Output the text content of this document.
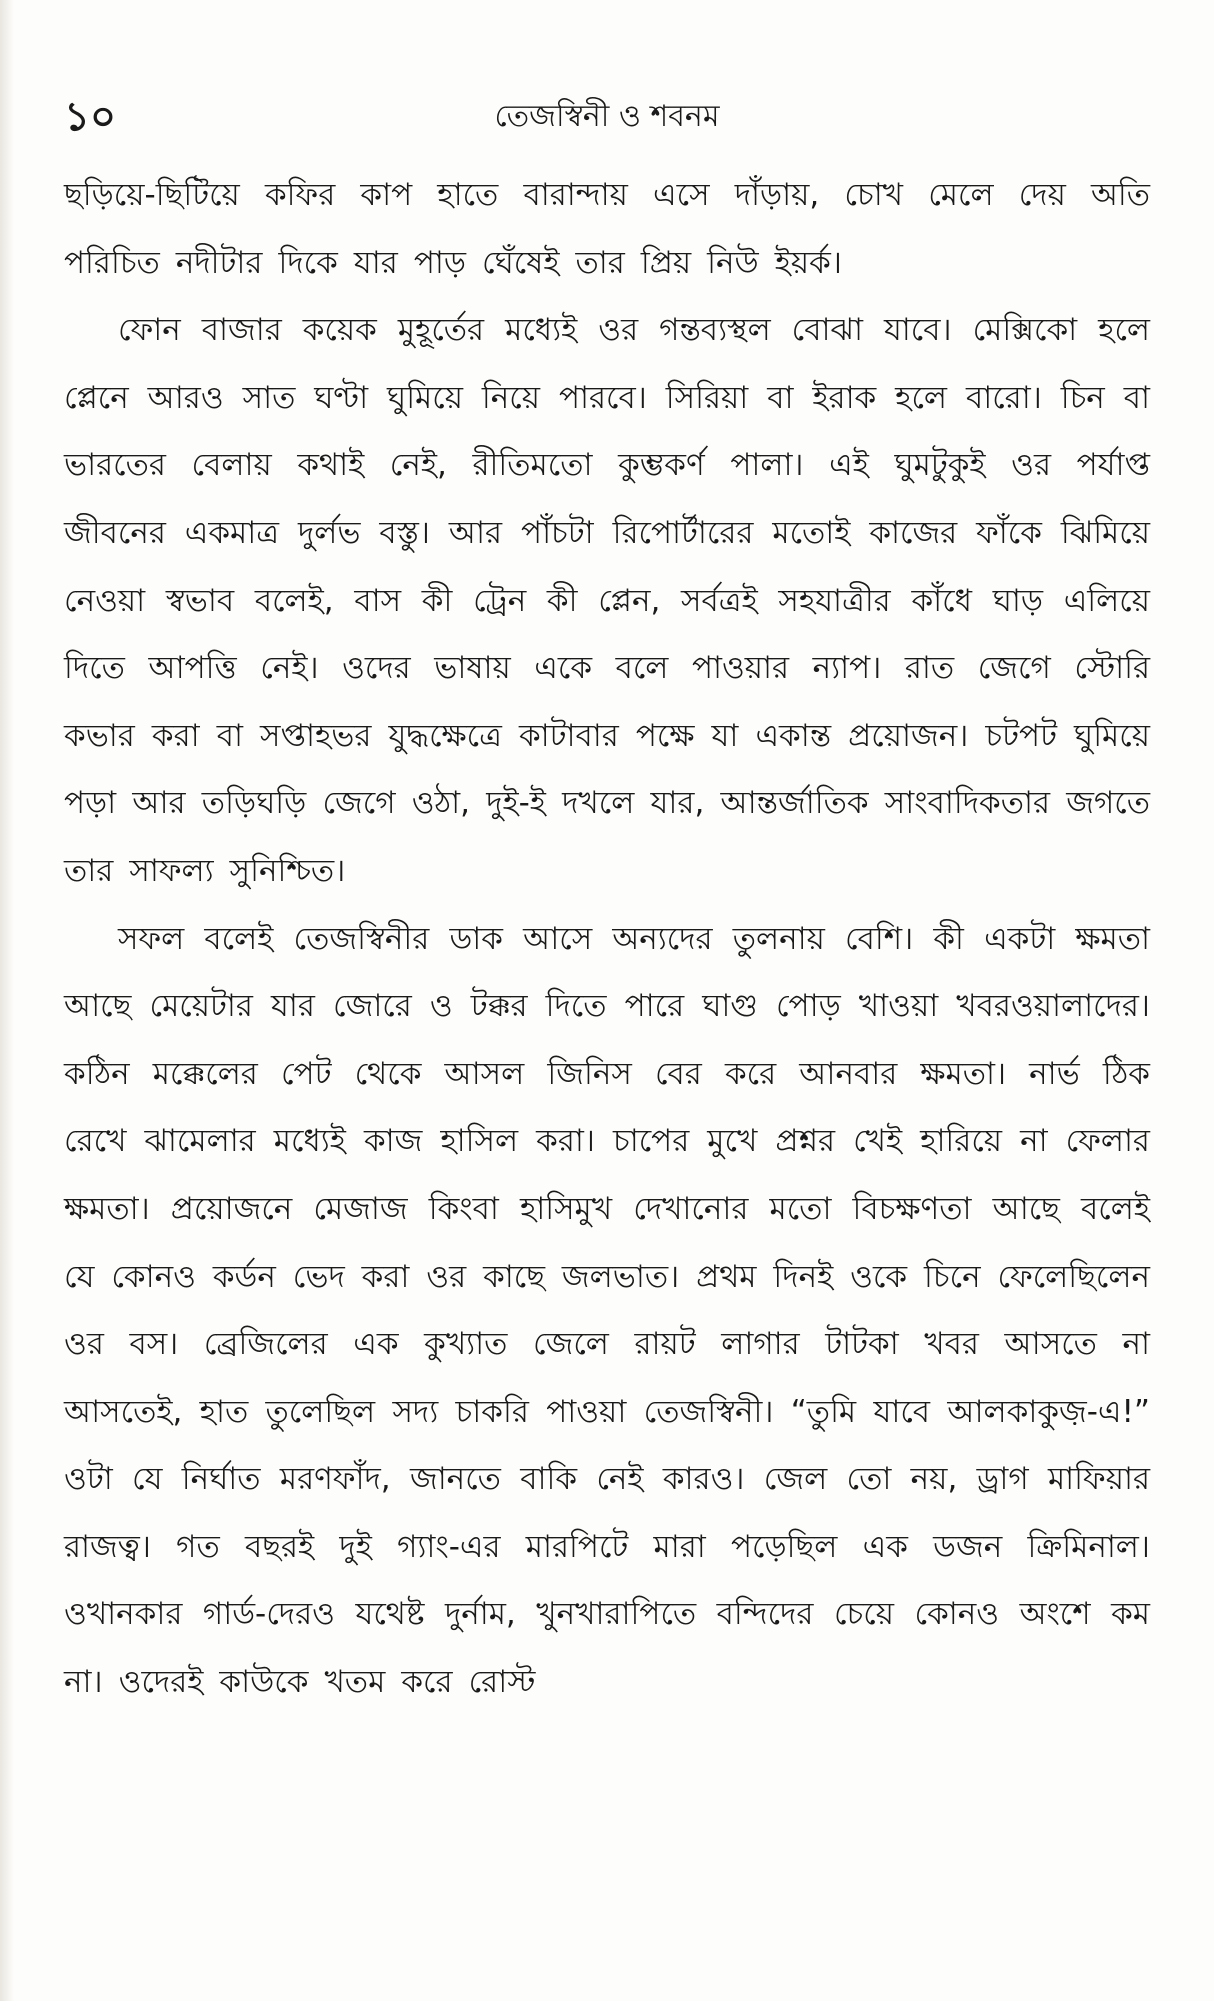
১০	তেজস্বিনী ও শবনম

ছড়িয়ে-ছিটিয়ে কফির কাপ হাতে বারান্দায় এসে দাঁড়ায়, চোখ মেলে দেয় অতি পরিচিত নদীটার দিকে যার পাড় ঘেঁষেই তার প্রিয় নিউ ইয়র্ক।

ফোন বাজার কয়েক মুহূর্তের মধ্যেই ওর গন্তব্যস্থল বোঝা যাবে। মেক্সিকো হলে প্লেনে আরও সাত ঘণ্টা ঘুমিয়ে নিয়ে পারবে। সিরিয়া বা ইরাক হলে বারো। চিন বা ভারতের বেলায় কথাই নেই, রীতিমতো কুম্ভকর্ণ পালা। এই ঘুমটুকুই ওর পর্যাপ্ত জীবনের একমাত্র দুর্লভ বস্তু। আর পাঁচটা রিপোর্টারের মতোই কাজের ফাঁকে ঝিমিয়ে নেওয়া স্বভাব বলেই, বাস কী ট্রেন কী প্লেন, সর্বত্রই সহযাত্রীর কাঁধে ঘাড় এলিয়ে দিতে আপত্তি নেই। ওদের ভাষায় একে বলে পাওয়ার ন্যাপ। রাত জেগে স্টোরি কভার করা বা সপ্তাহভর যুদ্ধক্ষেত্রে কাটাবার পক্ষে যা একান্ত প্রয়োজন। চটপট ঘুমিয়ে পড়া আর তড়িঘড়ি জেগে ওঠা, দুই-ই দখলে যার, আন্তর্জাতিক সাংবাদিকতার জগতে তার সাফল্য সুনিশ্চিত।

সফল বলেই তেজস্বিনীর ডাক আসে অন্যদের তুলনায় বেশি। কী একটা ক্ষমতা আছে মেয়েটার যার জোরে ও টক্কর দিতে পারে ঘাগু পোড় খাওয়া খবরওয়ালাদের। কঠিন মক্কেলের পেট থেকে আসল জিনিস বের করে আনবার ক্ষমতা। নার্ভ ঠিক রেখে ঝামেলার মধ্যেই কাজ হাসিল করা। চাপের মুখে প্রশ্নর খেই হারিয়ে না ফেলার ক্ষমতা। প্রয়োজনে মেজাজ কিংবা হাসিমুখ দেখানোর মতো বিচক্ষণতা আছে বলেই যে কোনও কর্ডন ভেদ করা ওর কাছে জলভাত। প্রথম দিনই ওকে চিনে ফেলেছিলেন ওর বস। ব্রেজিলের এক কুখ্যাত জেলে রায়ট লাগার টাটকা খবর আসতে না আসতেই, হাত তুলেছিল সদ্য চাকরি পাওয়া তেজস্বিনী। “তুমি যাবে আলকাকুজ়-এ!” ওটা যে নির্ঘাত মরণফাঁদ, জানতে বাকি নেই কারও। জেল তো নয়, ড্রাগ মাফিয়ার রাজত্ব। গত বছরই দুই গ্যাং-এর মারপিটে মারা পড়েছিল এক ডজন ক্রিমিনাল। ওখানকার গার্ড-দেরও যথেষ্ট দুর্নাম, খুনখারাপিতে বন্দিদের চেয়ে কোনও অংশে কম না। ওদেরই কাউকে খতম করে রোস্ট
